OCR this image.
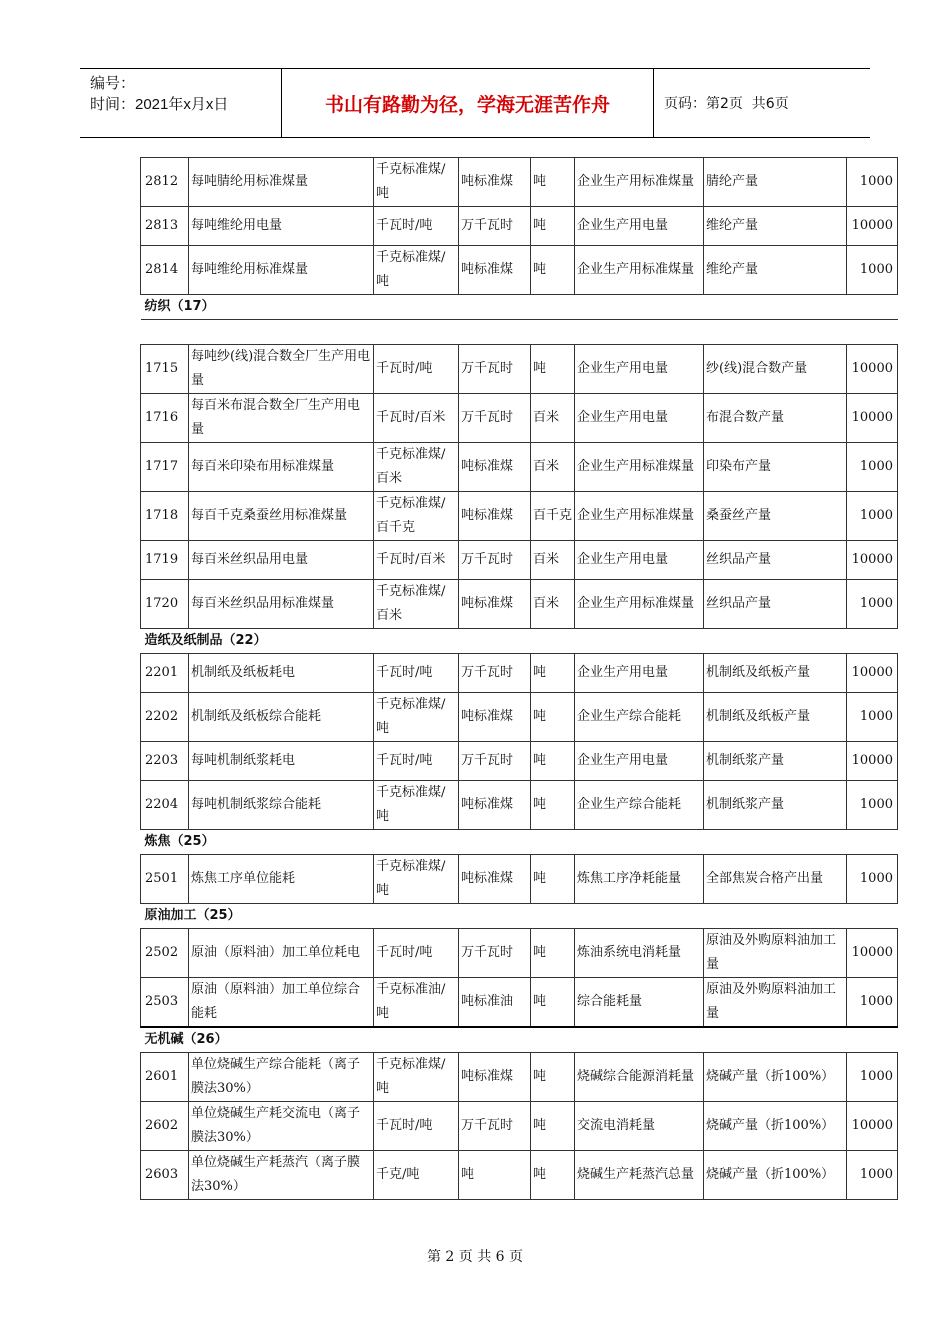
编号：
时间：2021年x月x日	书山有路勤为径，学海无涯苦作舟	页码：第2页  共6页
2812	每吨腈纶用标准煤量	千克标准煤/吨	吨标准煤	吨	企业生产用标准煤量	腈纶产量	1000
2813	每吨维纶用电量	千瓦时/吨	万千瓦时	吨	企业生产用电量	维纶产量	10000
2814	每吨维纶用标准煤量	千克标准煤/吨	吨标准煤	吨	企业生产用标准煤量	维纶产量	1000
纺织（17）							

1715	每吨纱(线)混合数全厂生产用电量	千瓦时/吨	万千瓦时	吨	企业生产用电量	纱(线)混合数产量	10000
1716	每百米布混合数全厂生产用电量	千瓦时/百米	万千瓦时	百米	企业生产用电量	布混合数产量	10000
1717	每百米印染布用标准煤量	千克标准煤/百米	吨标准煤	百米	企业生产用标准煤量	印染布产量	1000
1718	每百千克桑蚕丝用标准煤量	千克标准煤/百千克	吨标准煤	百千克	企业生产用标准煤量	桑蚕丝产量	1000
1719	每百米丝织品用电量	千瓦时/百米	万千瓦时	百米	企业生产用电量	丝织品产量	10000
1720	每百米丝织品用标准煤量	千克标准煤/百米	吨标准煤	百米	企业生产用标准煤量	丝织品产量	1000
造纸及纸制品（22）							
2201	机制纸及纸板耗电	千瓦时/吨	万千瓦时	吨	企业生产用电量	机制纸及纸板产量	10000
2202	机制纸及纸板综合能耗	千克标准煤/吨	吨标准煤	吨	企业生产综合能耗	机制纸及纸板产量	1000
2203	每吨机制纸浆耗电	千瓦时/吨	万千瓦时	吨	企业生产用电量	机制纸浆产量	10000
2204	每吨机制纸浆综合能耗	千克标准煤/吨	吨标准煤	吨	企业生产综合能耗	机制纸浆产量	1000
炼焦（25）							
2501	炼焦工序单位能耗	千克标准煤/吨	吨标准煤	吨	炼焦工序净耗能量	全部焦炭合格产出量	1000
原油加工（25）							
2502	原油（原料油）加工单位耗电	千瓦时/吨	万千瓦时	吨	炼油系统电消耗量	原油及外购原料油加工量	10000
2503	原油（原料油）加工单位综合能耗	千克标准油/吨	吨标准油	吨	综合能耗量	原油及外购原料油加工量	1000
无机碱（26）							
2601	单位烧碱生产综合能耗（离子膜法30%）	千克标准煤/吨	吨标准煤	吨	烧碱综合能源消耗量	烧碱产量（折100%）	1000
2602	单位烧碱生产耗交流电（离子膜法30%）	千瓦时/吨	万千瓦时	吨	交流电消耗量	烧碱产量（折100%）	10000
2603	单位烧碱生产耗蒸汽（离子膜法30%）	千克/吨	吨	吨	烧碱生产耗蒸汽总量	烧碱产量（折100%）	1000
第 2 页 共 6 页
